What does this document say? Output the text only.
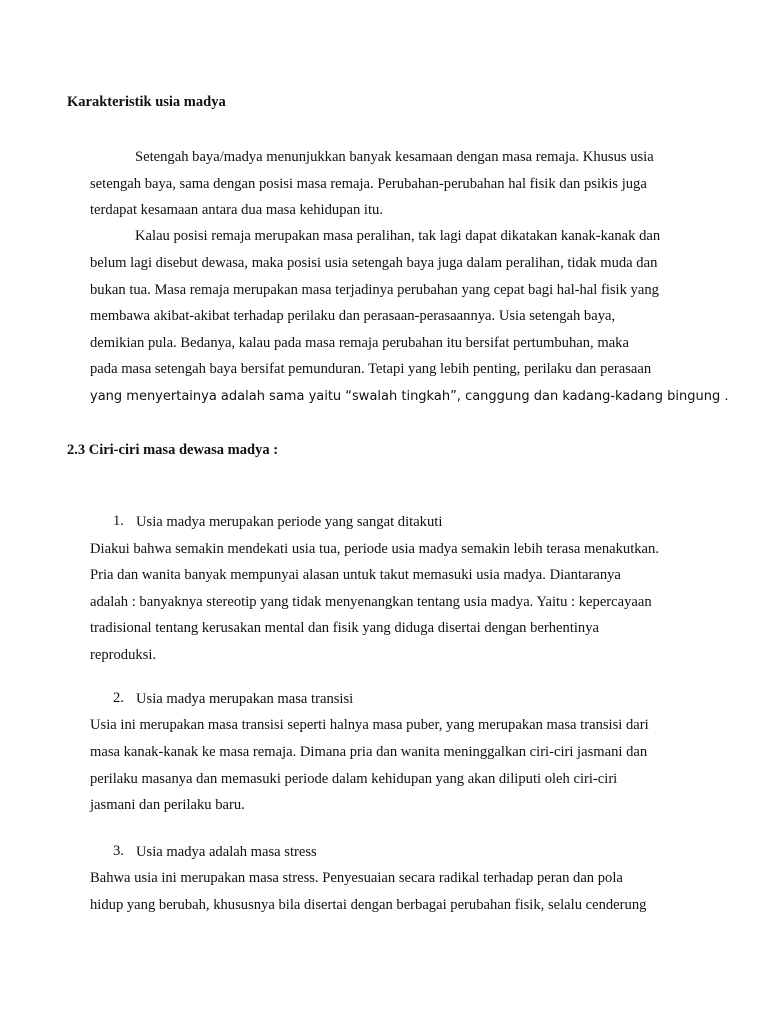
Karakteristik usia madya
Setengah baya/madya menunjukkan banyak kesamaan dengan masa remaja. Khusus usia
setengah baya, sama dengan posisi masa remaja. Perubahan-perubahan hal fisik dan psikis juga
terdapat kesamaan antara dua masa kehidupan itu.
Kalau posisi remaja merupakan masa peralihan, tak lagi dapat dikatakan kanak-kanak dan
belum lagi disebut dewasa, maka posisi usia setengah baya juga dalam peralihan, tidak muda dan
bukan tua. Masa remaja merupakan masa terjadinya perubahan yang cepat bagi hal-hal fisik yang
membawa akibat-akibat terhadap perilaku dan perasaan-perasaannya. Usia setengah baya,
demikian pula. Bedanya, kalau pada masa remaja perubahan itu bersifat pertumbuhan, maka
pada masa setengah baya bersifat pemunduran. Tetapi yang lebih penting, perilaku dan perasaan
yang menyertainya adalah sama yaitu “swalah tingkah”, canggung dan kadang-kadang bingung .
2.3 Ciri-ciri masa dewasa madya :
1. Usia madya merupakan periode yang sangat ditakuti
Diakui bahwa semakin mendekati usia tua, periode usia madya semakin lebih terasa menakutkan.
Pria dan wanita banyak mempunyai alasan untuk takut memasuki usia madya. Diantaranya
adalah : banyaknya stereotip yang tidak menyenangkan tentang usia madya. Yaitu : kepercayaan
tradisional tentang kerusakan mental dan fisik yang diduga disertai dengan berhentinya
reproduksi.
2. Usia madya merupakan masa transisi
Usia ini merupakan masa transisi seperti halnya masa puber, yang merupakan masa transisi dari
masa kanak-kanak ke masa remaja. Dimana pria dan wanita meninggalkan ciri-ciri jasmani dan
perilaku masanya dan memasuki periode dalam kehidupan yang akan diliputi oleh ciri-ciri
jasmani dan perilaku baru.
3. Usia madya adalah masa stress
Bahwa usia ini merupakan masa stress. Penyesuaian secara radikal terhadap peran dan pola
hidup yang berubah, khususnya bila disertai dengan berbagai perubahan fisik, selalu cenderung
